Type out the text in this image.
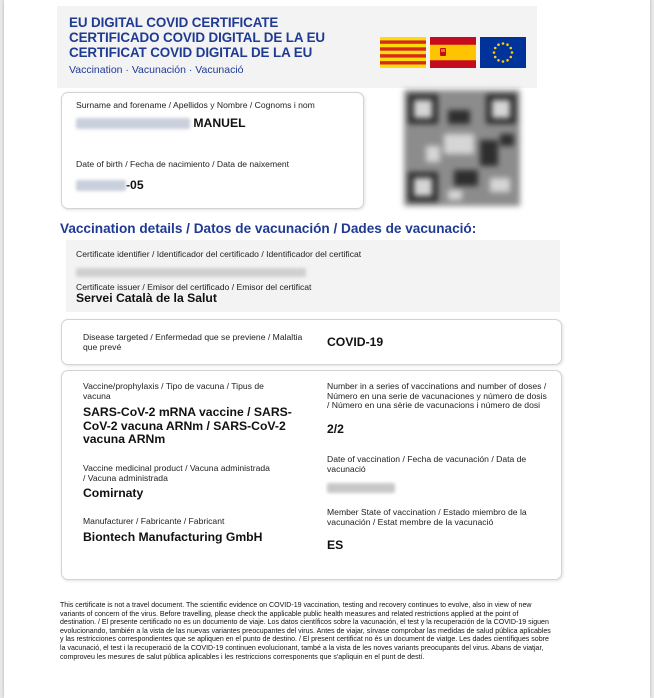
EU DIGITAL COVID CERTIFICATE
CERTIFICADO COVID DIGITAL DE LA EU
CERTIFICAT COVID DIGITAL DE LA EU
Vaccination · Vacunación · Vacunació
Surname and forename / Apellidos y Nombre / Cognoms i nom
MANUEL
Date of birth / Fecha de nacimiento / Data de naixement
-05
Vaccination details / Datos de vacunación / Dades de vacunació:
Certificate identifier / Identificador del certificado / Identificador del certificat
Certificate issuer / Emisor del certificado / Emisor del certificat
Servei Català de la Salut
Disease targeted / Enfermedad que se previene / Malaltia que prevé	COVID-19
Vaccine/prophylaxis / Tipo de vacuna / Tipus de vacuna
SARS-CoV-2 mRNA vaccine / SARS-CoV-2 vacuna ARNm / SARS-CoV-2 vacuna ARNm
Vaccine medicinal product / Vacuna administrada / Vacuna administrada
Comirnaty
Manufacturer / Fabricante / Fabricant
Biontech Manufacturing GmbH
Number in a series of vaccinations and number of doses / Número en una serie de vacunaciones y número de dosis / Número en una sèrie de vacunacions i número de dosi
2/2
Date of vaccination / Fecha de vacunación / Data de vacunació
Member State of vaccination / Estado miembro de la vacunación / Estat membre de la vacunació
ES
This certificate is not a travel document. The scientific evidence on COVID-19 vaccination, testing and recovery continues to evolve, also in view of new variants of concern of the virus. Before travelling, please check the applicable public health measures and related restrictions applied at the point of destination. / El presente certificado no es un documento de viaje. Los datos científicos sobre la vacunación, el test y la recuperación de la COVID-19 siguen evolucionando, también a la vista de las nuevas variantes preocupantes del virus. Antes de viajar, sírvase comprobar las medidas de salud pública aplicables y las restricciones correspondientes que se apliquen en el punto de destino. / El present certificat no és un document de viatge. Les dades científiques sobre la vacunació, el test i la recuperació de la COVID-19 continuen evolucionant, també a la vista de les noves variants preocupants del virus. Abans de viatjar, comproveu les mesures de salut pública aplicables i les restriccions corresponents que s'apliquin en el punt de destí.
